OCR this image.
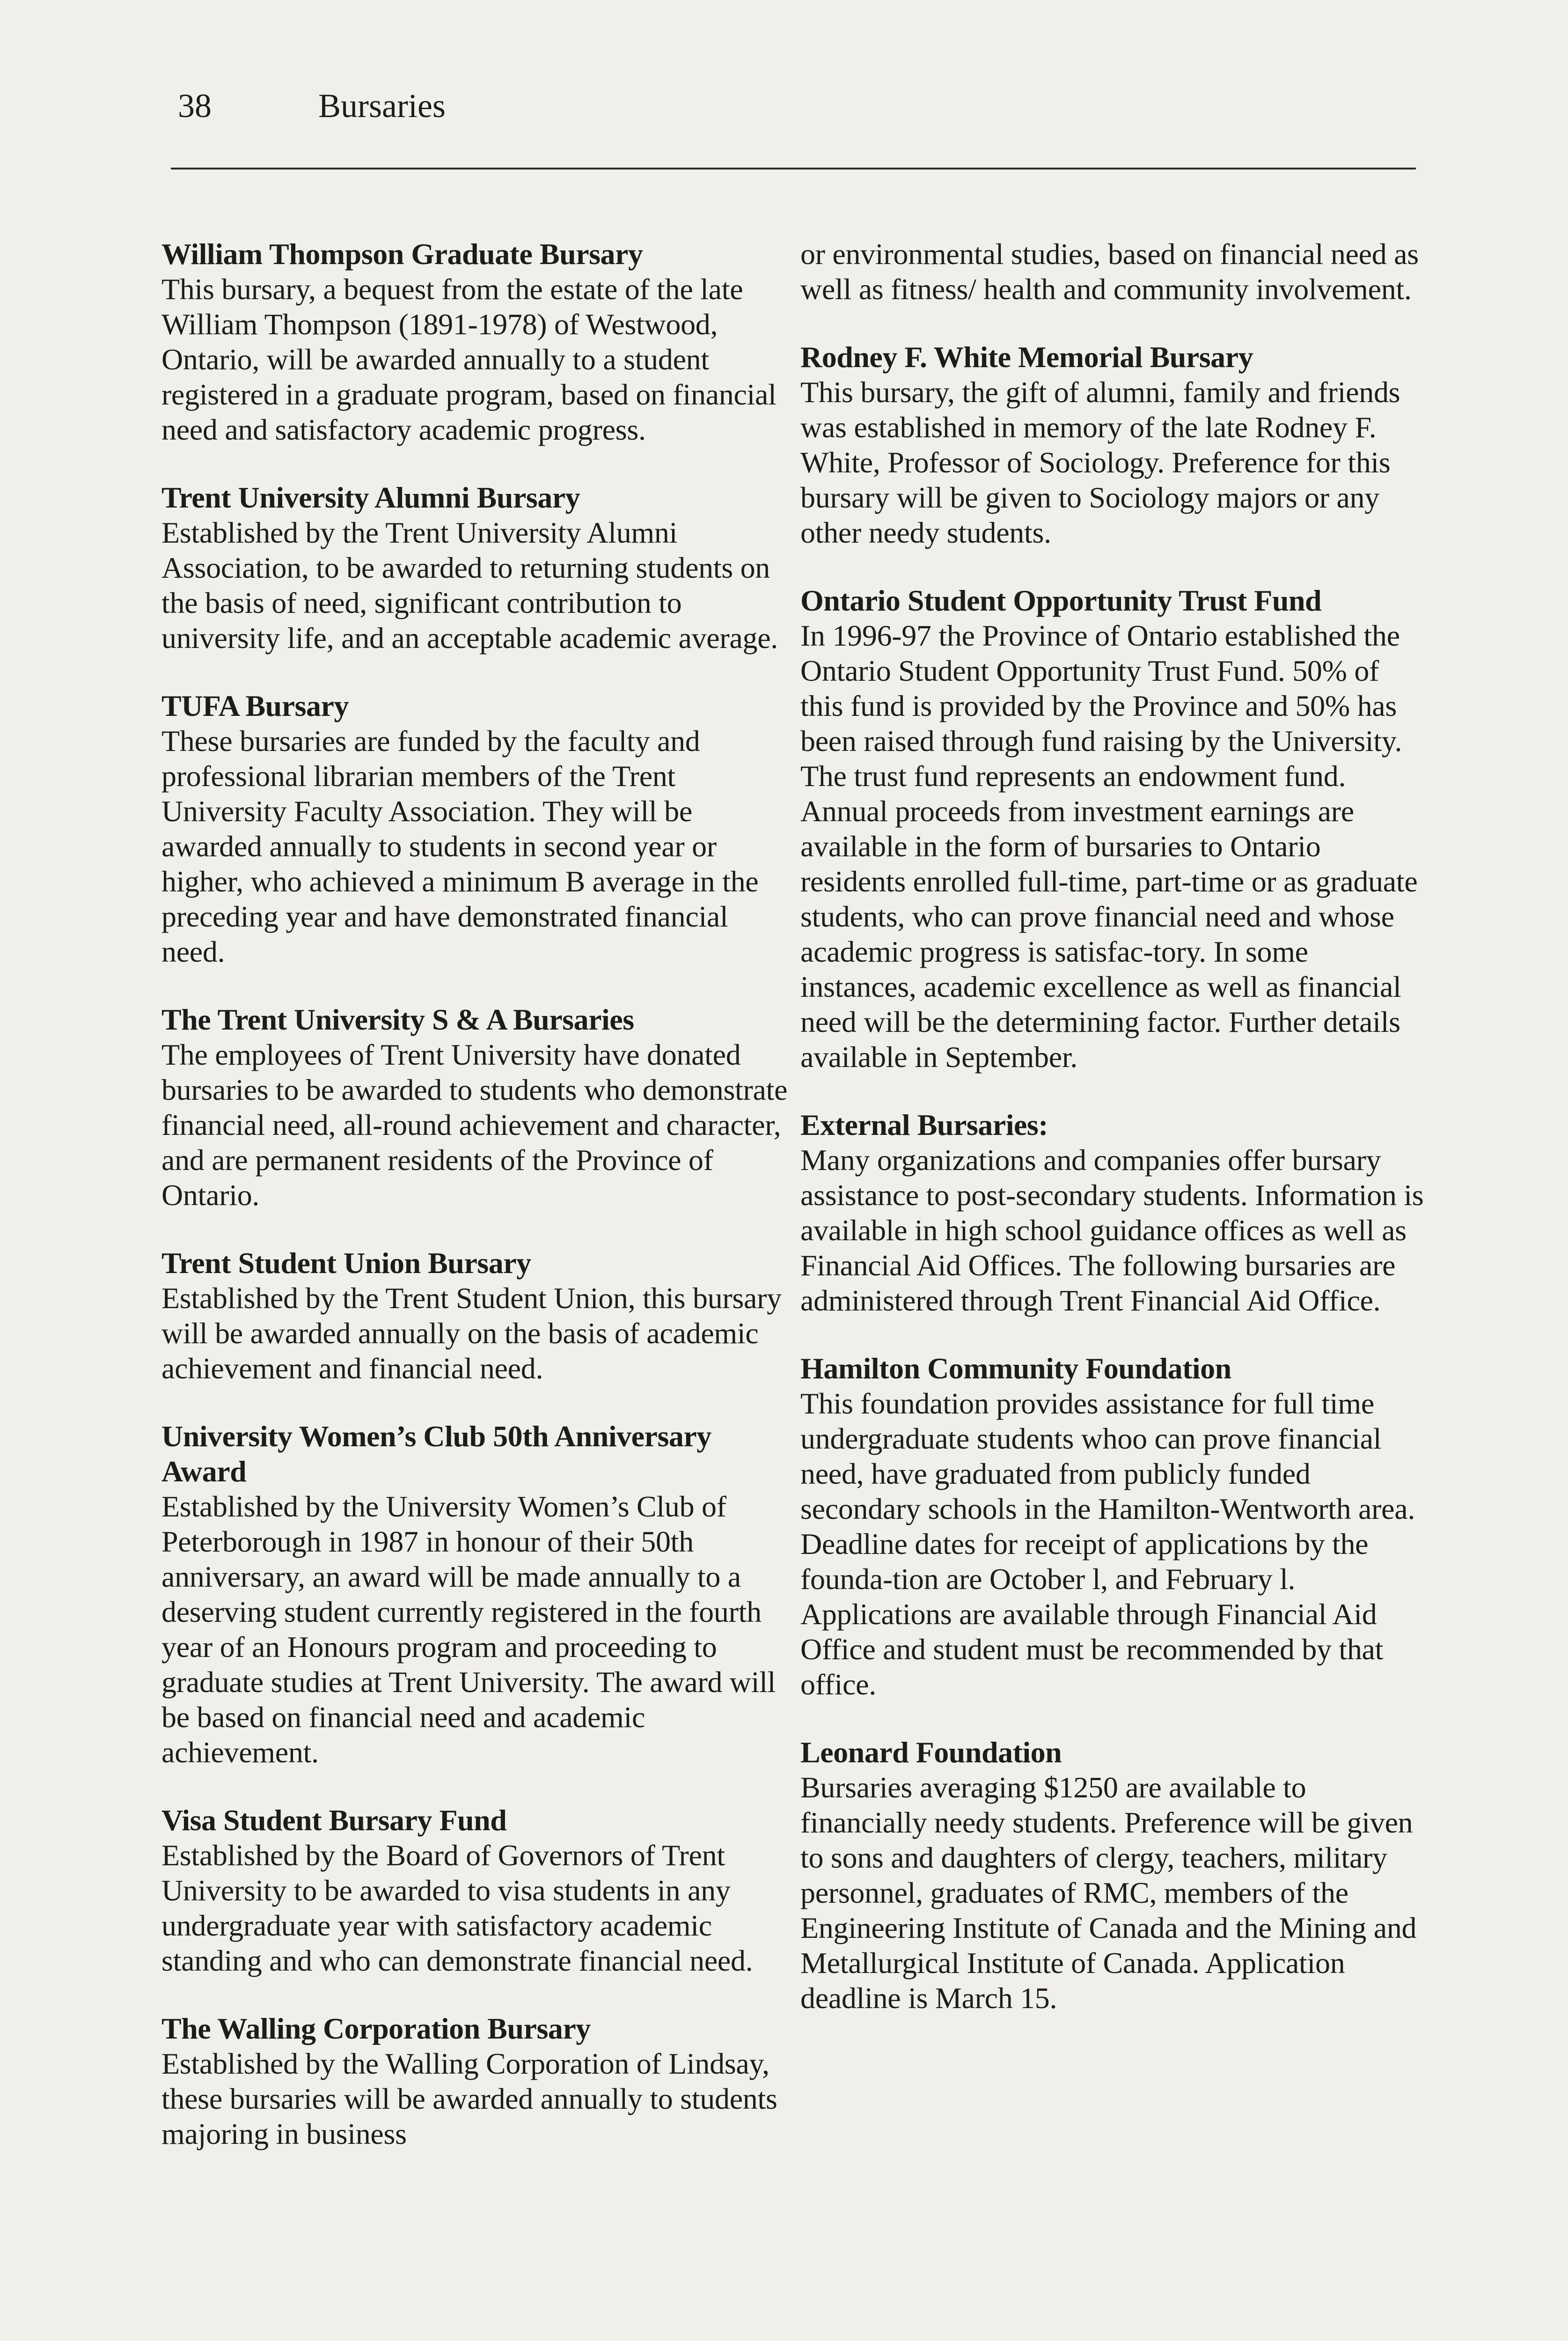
38	Bursaries
William Thompson Graduate Bursary

This bursary, a bequest from the estate of the late William Thompson (1891-1978) of Westwood, Ontario, will be awarded annually to a student registered in a graduate program, based on financial need and satisfactory academic progress.

Trent University Alumni Bursary

Established by the Trent University Alumni Association, to be awarded to returning students on the basis of need, significant contribution to university life, and an acceptable academic average.

TUFA Bursary

These bursaries are funded by the faculty and professional librarian members of the Trent University Faculty Association. They will be awarded annually to students in second year or higher, who achieved a minimum B average in the preceding year and have demonstrated financial need.

The Trent University S & A Bursaries

The employees of Trent University have donated bursaries to be awarded to students who demonstrate financial need, all-round achievement and character, and are permanent residents of the Province of Ontario.

Trent Student Union Bursary

Established by the Trent Student Union, this bursary will be awarded annually on the basis of academic achievement and financial need.

University Women’s Club 50th Anniversary Award

Established by the University Women’s Club of Peterborough in 1987 in honour of their 50th anniversary, an award will be made annually to a deserving student currently registered in the fourth year of an Honours program and proceeding to graduate studies at Trent University. The award will be based on financial need and academic achievement.

Visa Student Bursary Fund

Established by the Board of Governors of Trent University to be awarded to visa students in any undergraduate year with satisfactory academic standing and who can demonstrate financial need.

The Walling Corporation Bursary

Established by the Walling Corporation of Lindsay, these bursaries will be awarded annually to students majoring in business

or environmental studies, based on financial need as well as fitness/ health and community involvement.

Rodney F. White Memorial Bursary

This bursary, the gift of alumni, family and friends was established in memory of the late Rodney F. White, Professor of Sociology. Preference for this bursary will be given to Sociology majors or any other needy students.

Ontario Student Opportunity Trust Fund

In 1996-97 the Province of Ontario established the Ontario Student Opportunity Trust Fund. 50% of this fund is provided by the Province and 50% has been raised through fund raising by the University. The trust fund represents an endowment fund. Annual proceeds from investment earnings are available in the form of bursaries to Ontario residents enrolled full-time, part-time or as graduate students, who can prove financial need and whose academic progress is satisfac-tory. In some instances, academic excellence as well as financial need will be the determining factor. Further details available in September.

External Bursaries:

Many organizations and companies offer bursary assistance to post-secondary students. Information is available in high school guidance offices as well as Financial Aid Offices. The following bursaries are administered through Trent Financial Aid Office.

Hamilton Community Foundation

This foundation provides assistance for full time undergraduate students whoo can prove financial need, have graduated from publicly funded secondary schools in the Hamilton-Wentworth area. Deadline dates for receipt of applications by the founda-tion are October l, and February l. Applications are available through Financial Aid Office and student must be recommended by that office.

Leonard Foundation

Bursaries averaging $1250 are available to financially needy students. Preference will be given to sons and daughters of clergy, teachers, military personnel, graduates of RMC, members of the Engineering Institute of Canada and the Mining and Metallurgical Institute of Canada. Application deadline is March 15.
